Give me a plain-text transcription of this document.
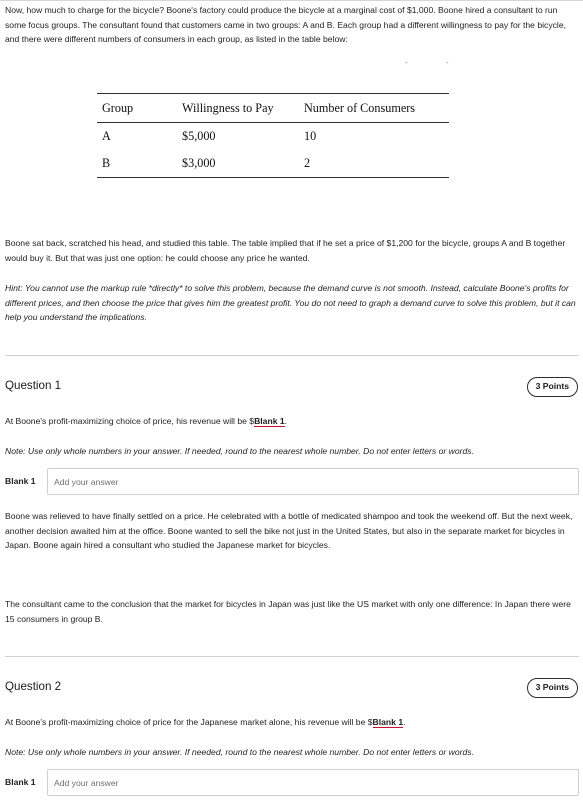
Now, how much to charge for the bicycle? Boone's factory could produce the bicycle at a marginal cost of $1,000. Boone hired a consultant to run some focus groups. The consultant found that customers came in two groups: A and B. Each group had a different willingness to pay for the bicycle, and there were different numbers of consumers in each group, as listed in the table below:

- -
Group	Willingness to Pay	Number of Consumers
A	$5,000	10
B	$3,000	2

Boone sat back, scratched his head, and studied this table. The table implied that if he set a price of $1,200 for the bicycle, groups A and B together would buy it. But that was just one option: he could choose any price he wanted.

Hint: You cannot use the markup rule *directly* to solve this problem, because the demand curve is not smooth. Instead, calculate Boone's profits for different prices, and then choose the price that gives him the greatest profit. You do not need to graph a demand curve to solve this problem, but it can help you understand the implications.

Question 1	3 Points

At Boone's profit-maximizing choice of price, his revenue will be $Blank 1.

Note: Use only whole numbers in your answer. If needed, round to the nearest whole number. Do not enter letters or words.

Blank 1
Add your answer

Boone was relieved to have finally settled on a price. He celebrated with a bottle of medicated shampoo and took the weekend off. But the next week, another decision awaited him at the office. Boone wanted to sell the bike not just in the United States, but also in the separate market for bicycles in Japan. Boone again hired a consultant who studied the Japanese market for bicycles.

The consultant came to the conclusion that the market for bicycles in Japan was just like the US market with only one difference: In Japan there were 15 consumers in group B.

Question 2	3 Points

At Boone's profit-maximizing choice of price for the Japanese market alone, his revenue will be $Blank 1.

Note: Use only whole numbers in your answer. If needed, round to the nearest whole number. Do not enter letters or words.

Blank 1
Add your answer
